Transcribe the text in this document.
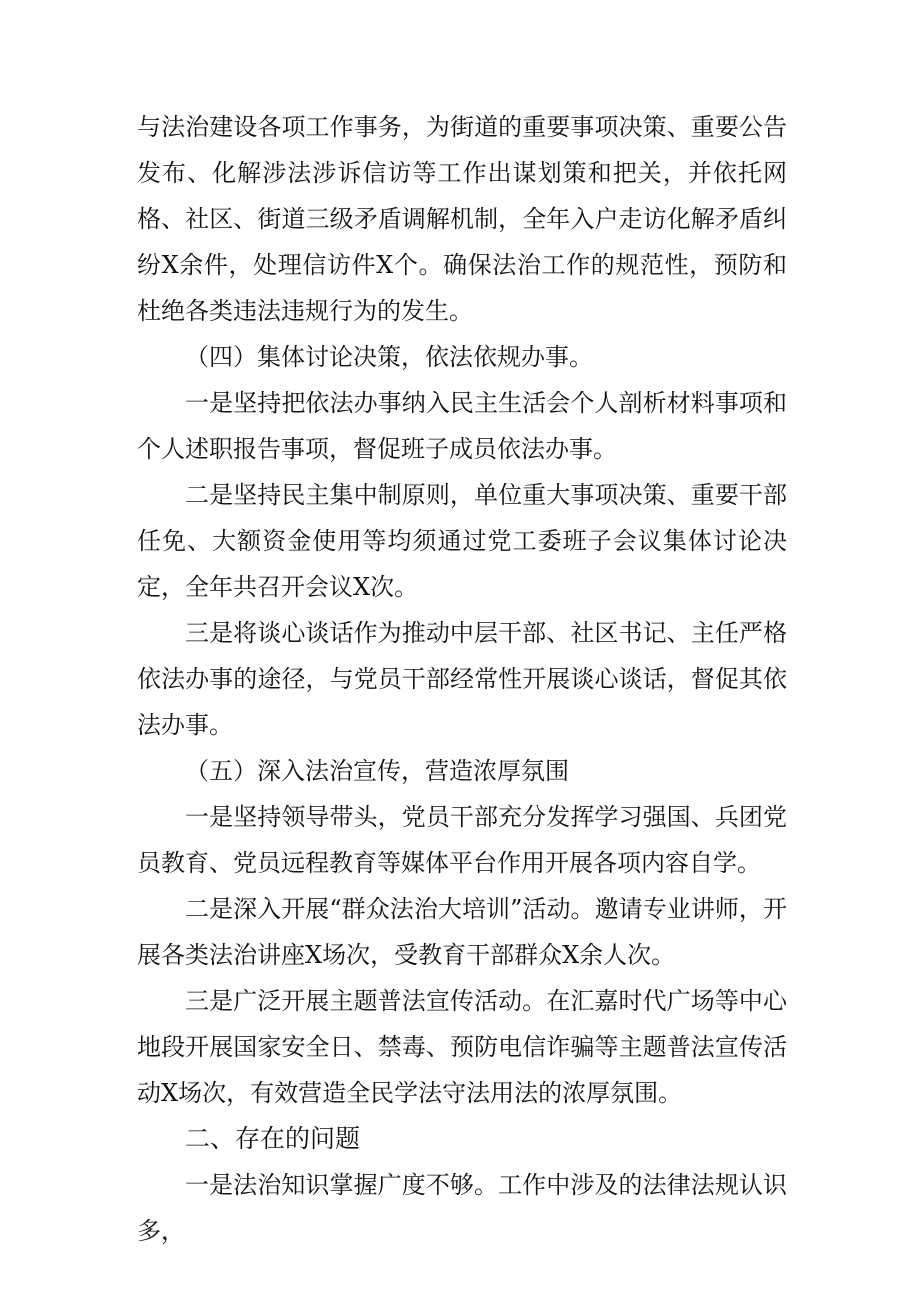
与法治建设各项工作事务，为街道的重要事项决策、重要公告发布、化解涉法涉诉信访等工作出谋划策和把关，并依托网格、社区、街道三级矛盾调解机制，全年入户走访化解矛盾纠纷X余件，处理信访件X个。确保法治工作的规范性，预防和杜绝各类违法违规行为的发生。

（四）集体讨论决策，依法依规办事。

一是坚持把依法办事纳入民主生活会个人剖析材料事项和个人述职报告事项，督促班子成员依法办事。

二是坚持民主集中制原则，单位重大事项决策、重要干部任免、大额资金使用等均须通过党工委班子会议集体讨论决定，全年共召开会议X次。

三是将谈心谈话作为推动中层干部、社区书记、主任严格依法办事的途径，与党员干部经常性开展谈心谈话，督促其依法办事。

（五）深入法治宣传，营造浓厚氛围

一是坚持领导带头，党员干部充分发挥学习强国、兵团党员教育、党员远程教育等媒体平台作用开展各项内容自学。

二是深入开展“群众法治大培训”活动。邀请专业讲师，开展各类法治讲座X场次，受教育干部群众X余人次。

三是广泛开展主题普法宣传活动。在汇嘉时代广场等中心地段开展国家安全日、禁毒、预防电信诈骗等主题普法宣传活动X场次，有效营造全民学法守法用法的浓厚氛围。

二、存在的问题

一是法治知识掌握广度不够。工作中涉及的法律法规认识多，
